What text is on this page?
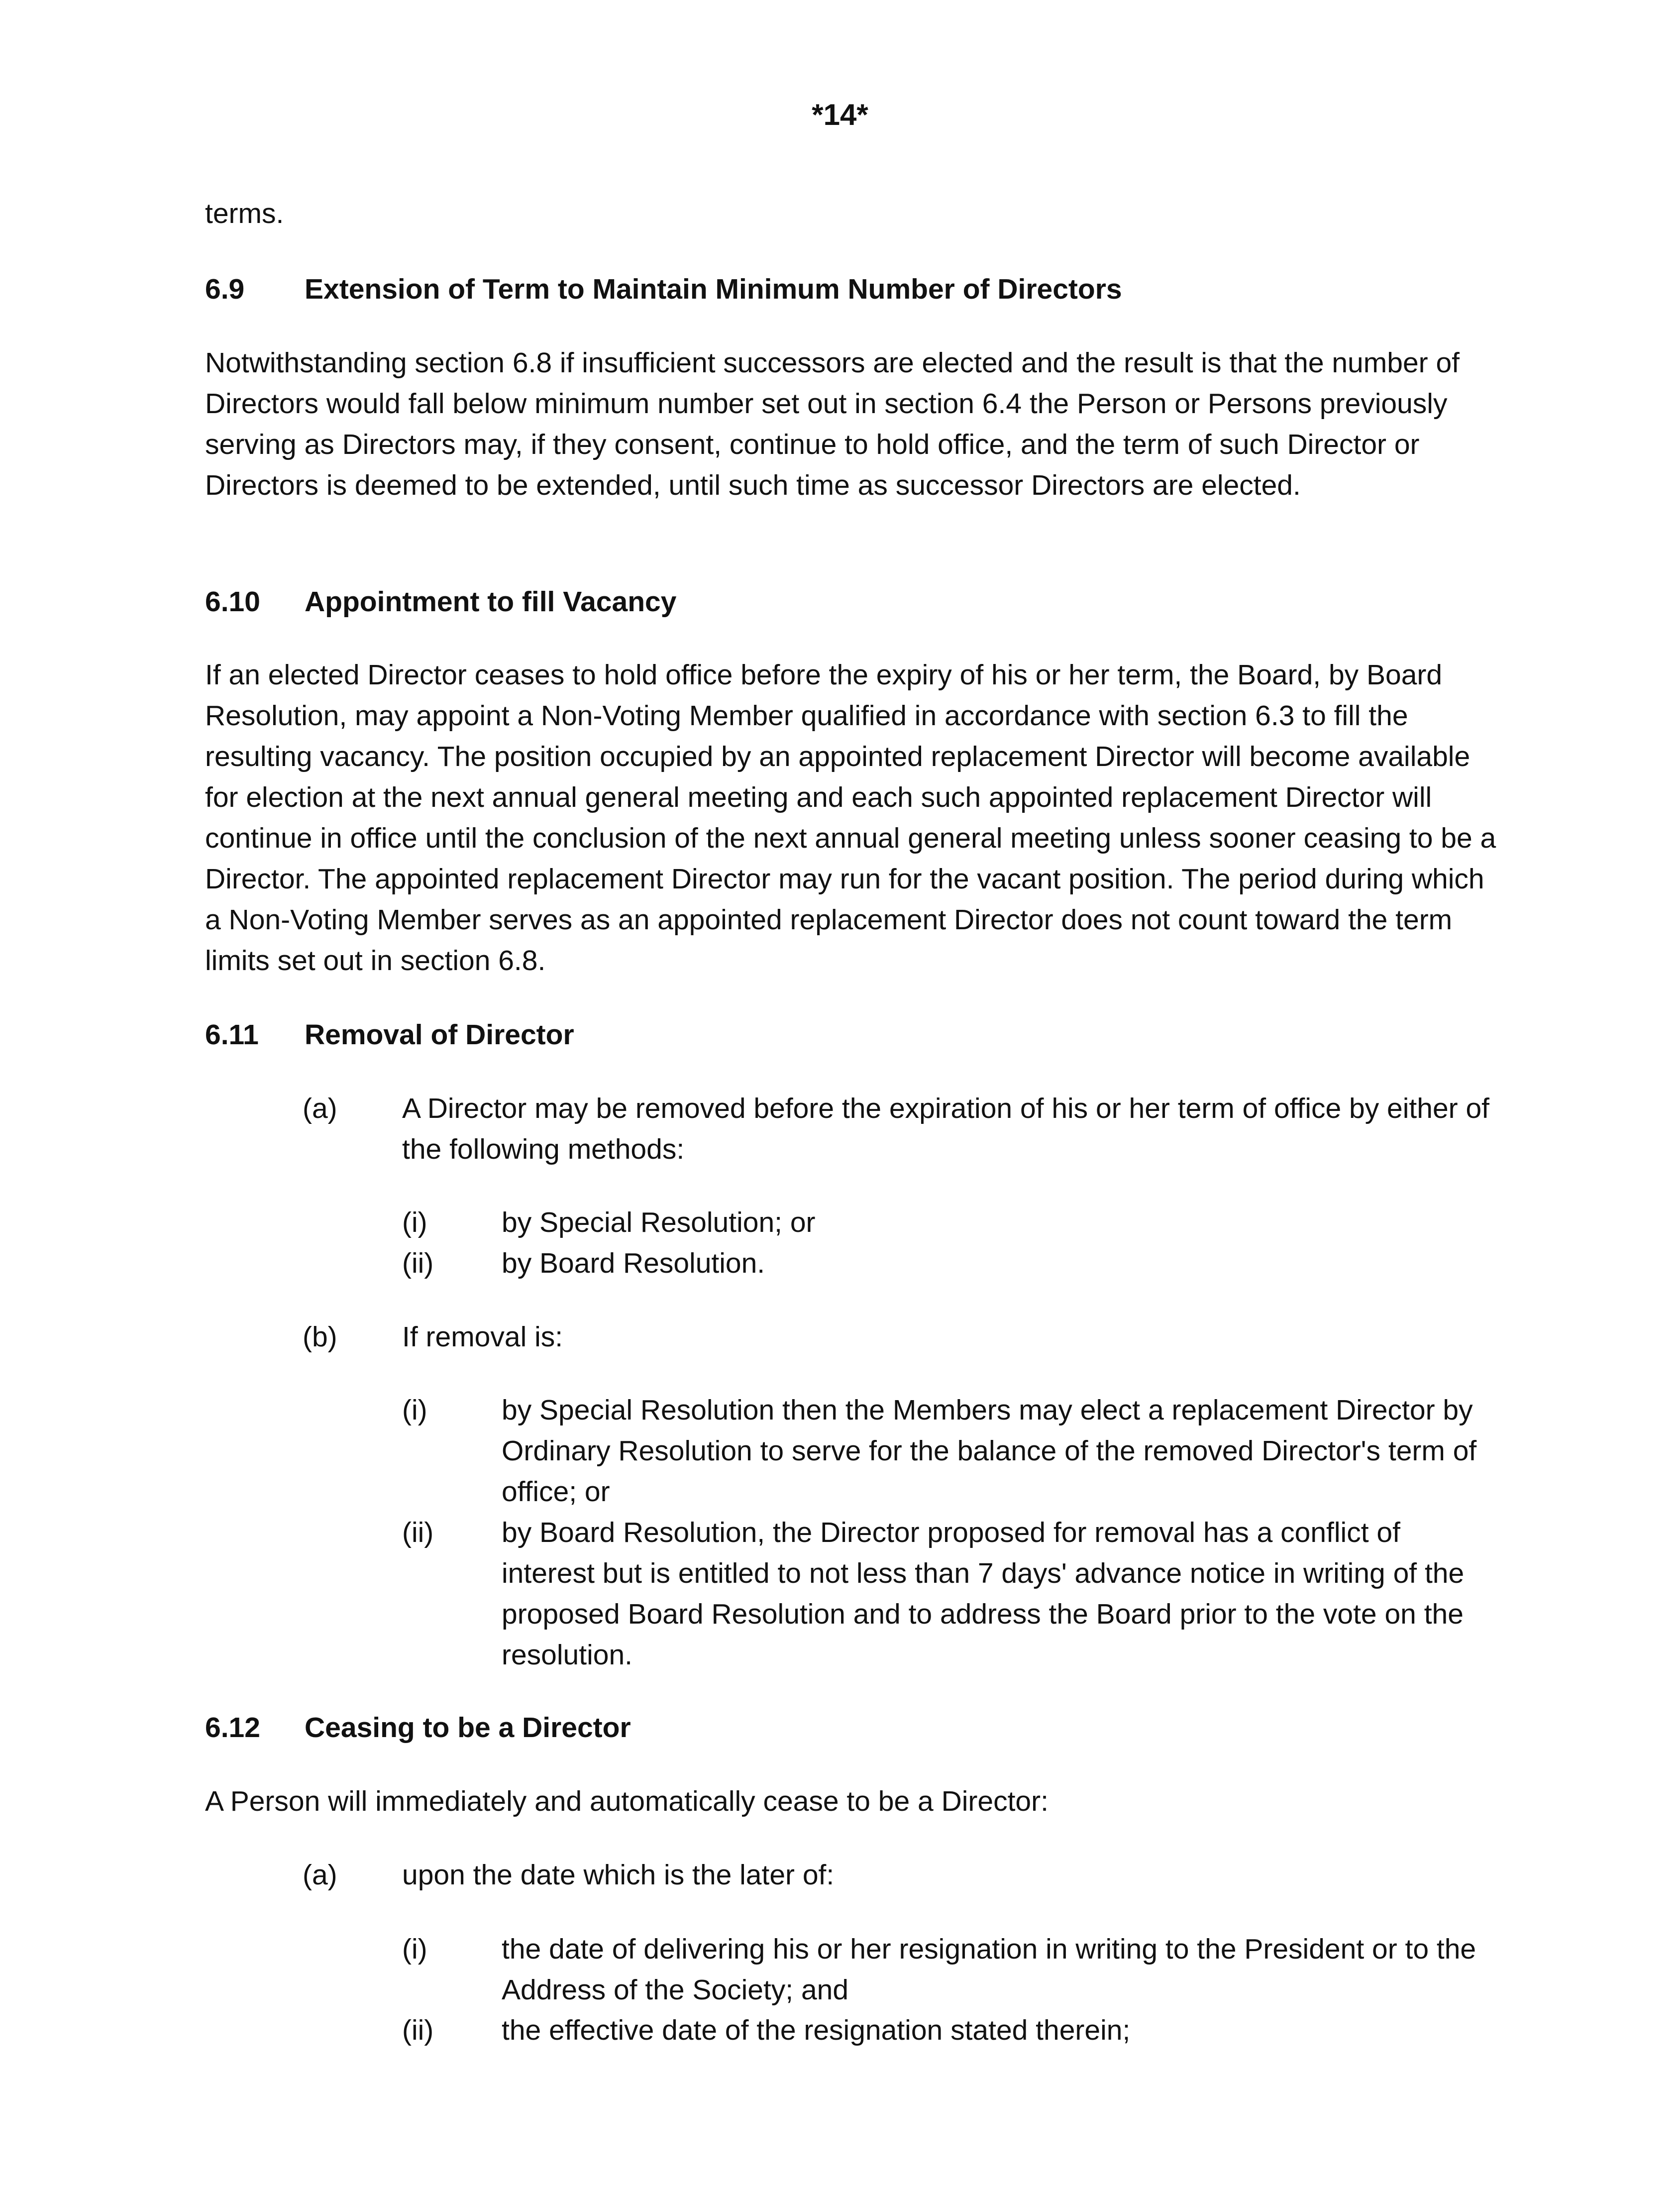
*14*

terms.

6.9 Extension of Term to Maintain Minimum Number of Directors

Notwithstanding section 6.8 if insufficient successors are elected and the result is that the number of Directors would fall below minimum number set out in section 6.4 the Person or Persons previously serving as Directors may, if they consent, continue to hold office, and the term of such Director or Directors is deemed to be extended, until such time as successor Directors are elected.

6.10 Appointment to fill Vacancy

If an elected Director ceases to hold office before the expiry of his or her term, the Board, by Board Resolution, may appoint a Non-Voting Member qualified in accordance with section 6.3 to fill the resulting vacancy. The position occupied by an appointed replacement Director will become available for election at the next annual general meeting and each such appointed replacement Director will continue in office until the conclusion of the next annual general meeting unless sooner ceasing to be a Director. The appointed replacement Director may run for the vacant position. The period during which a Non-Voting Member serves as an appointed replacement Director does not count toward the term limits set out in section 6.8.

6.11 Removal of Director
(a) A Director may be removed before the expiration of his or her term of office by either of the following methods:
(i)	by Special Resolution; or
(ii) by Board Resolution.
(b) If removal is:
(i)	by Special Resolution then the Members may elect a replacement Director by Ordinary Resolution to serve for the balance of the removed Director's term of office; or
(ii) by Board Resolution, the Director proposed for removal has a conflict of interest but is entitled to not less than 7 days' advance notice in writing of the proposed Board Resolution and to address the Board prior to the vote on the resolution.
6.12 Ceasing to be a Director

A Person will immediately and automatically cease to be a Director:

(a) upon the date which is the later of:
(i)	the date of delivering his or her resignation in writing to the President or to the Address of the Society; and
(ii) the effective date of the resignation stated therein;
